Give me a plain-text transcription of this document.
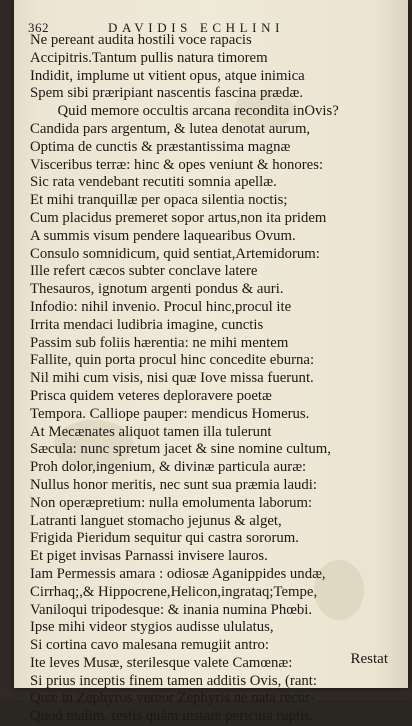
362	DAVIDIS ECHLINI
Ne pereant audita hostili voce rapacis
Accipitris.Tantum pullis natura timorem
Indidit, implume ut vitient opus, atque inimica
Spem sibi præripiant nascentis fascina prædæ.
Quid memore occultis arcana recondita inOvis?
Candida pars argentum, & lutea denotat aurum,
Optima de cunctis & præstantissima magnæ
Visceribus terræ: hinc & opes veniunt & honores:
Sic rata vendebant recutiti somnia apellæ.
Et mihi tranquillæ per opaca silentia noctis;
Cum placidus premeret sopor artus,non ita pridem
A summis visum pendere laquearibus Ovum.
Consulo somnidicum, quid sentiat,Artemidorum:
Ille refert cæcos subter conclave latere
Thesauros, ignotum argenti pondus & auri.
Infodio: nihil invenio. Procul hinc,procul ite
Irrita mendaci ludibria imagine, cunctis
Passim sub foliis hærentia: ne mihi mentem
Fallite, quin porta procul hinc concedite eburna:
Nil mihi cum visis, nisi quæ Iove missa fuerunt.
Prisca quidem veteres deploravere poetæ
Tempora. Calliope pauper: mendicus Homerus.
At Mecænates aliquot tamen illa tulerunt
Sæcula: nunc spretum jacet & sine nomine cultum,
Proh dolor,ingenium, & divinæ particula auræ:
Nullus honor meritis, nec sunt sua præmia laudi:
Non operæpretium: nulla emolumenta laborum:
Latranti languet stomacho jejunus & alget,
Frigida Pieridum sequitur qui castra sororum.
Et piget invisas Parnassi invisere lauros.
Iam Permessis amara : odiosæ Aganippides undæ,
Cirrhaq;,& Hippocrene,Helicon,ingrataq;Tempe,
Vaniloqui tripodesque: & inania numina Phœbi.
Ipse mihi videor stygios audisse ululatus,
Si cortina cavo malesana remugiit antro:
Ite leves Musæ, sterilesque valete Camœnæ:
Si prius inceptis finem tamen additis Ovis, (rant:
Quæ in Zephyros vereor Zephyris ne nata recur-
Quod malim, testis quàm instare pericula ruptis.
Restat
